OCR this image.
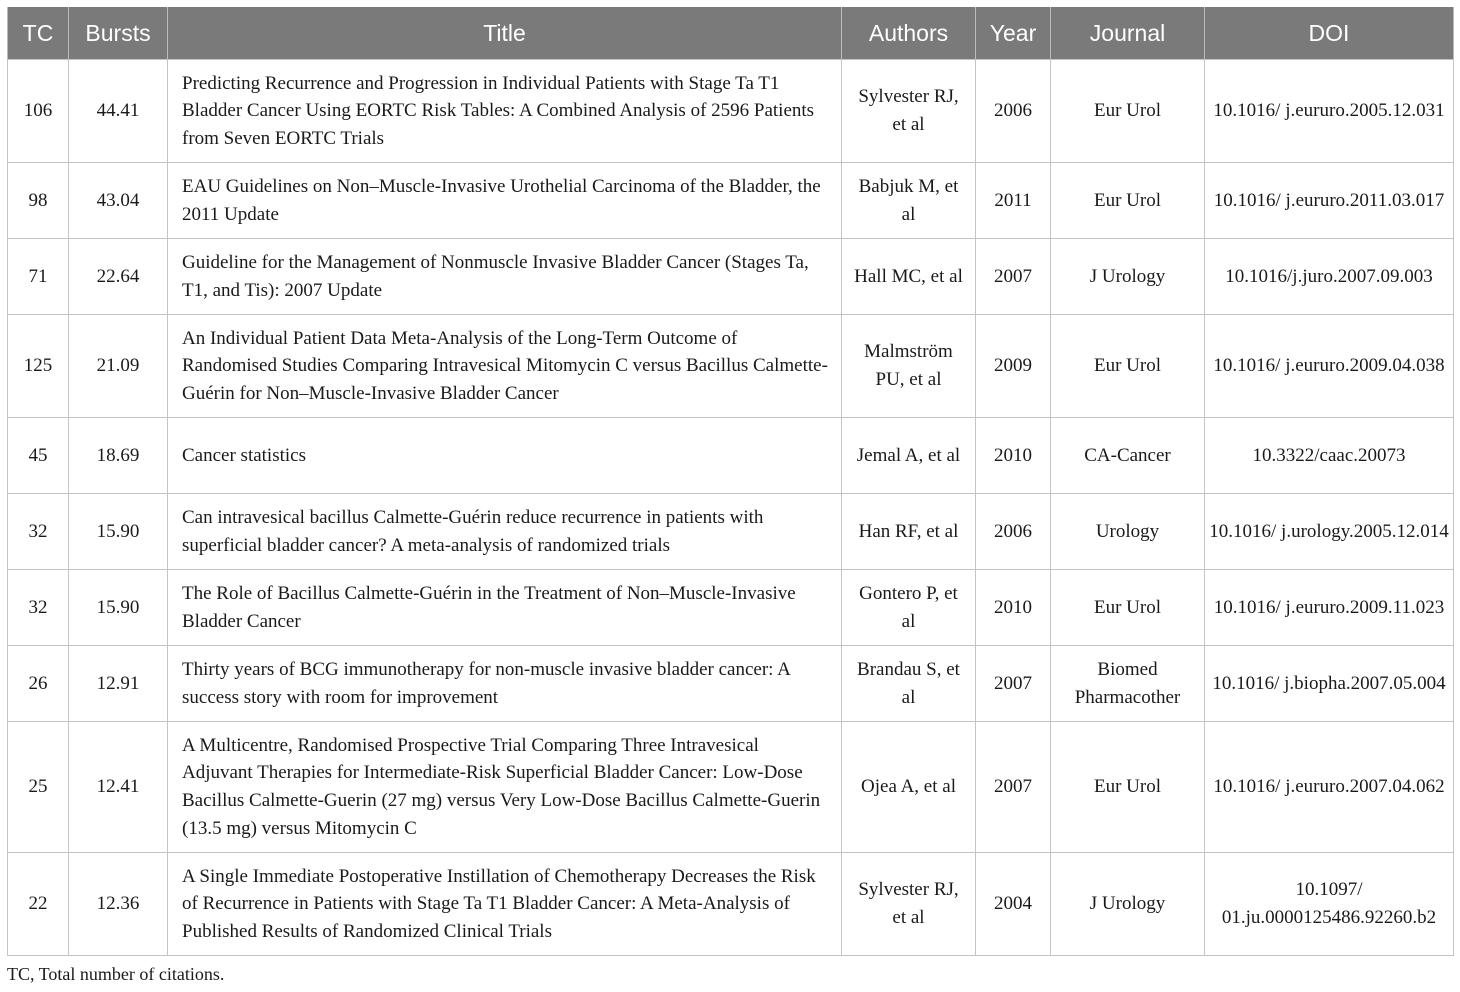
TC	Bursts	Title	Authors	Year	Journal	DOI
106	44.41	Predicting Recurrence and Progression in Individual Patients with Stage Ta T1 Bladder Cancer Using EORTC Risk Tables: A Combined Analysis of 2596 Patients from Seven EORTC Trials	Sylvester RJ, et al	2006	Eur Urol	10.1016/ j.eururo.2005.12.031
98	43.04	EAU Guidelines on Non–Muscle-Invasive Urothelial Carcinoma of the Bladder, the 2011 Update	Babjuk M, et al	2011	Eur Urol	10.1016/ j.eururo.2011.03.017
71	22.64	Guideline for the Management of Nonmuscle Invasive Bladder Cancer (Stages Ta, T1, and Tis): 2007 Update	Hall MC, et al	2007	J Urology	10.1016/j.juro.2007.09.003
125	21.09	An Individual Patient Data Meta-Analysis of the Long-Term Outcome of Randomised Studies Comparing Intravesical Mitomycin C versus Bacillus Calmette-Guérin for Non–Muscle-Invasive Bladder Cancer	Malmström PU, et al	2009	Eur Urol	10.1016/ j.eururo.2009.04.038
45	18.69	Cancer statistics	Jemal A, et al	2010	CA-Cancer	10.3322/caac.20073
32	15.90	Can intravesical bacillus Calmette-Guérin reduce recurrence in patients with superficial bladder cancer? A meta-analysis of randomized trials	Han RF, et al	2006	Urology	10.1016/ j.urology.2005.12.014
32	15.90	The Role of Bacillus Calmette-Guérin in the Treatment of Non–Muscle-Invasive Bladder Cancer	Gontero P, et al	2010	Eur Urol	10.1016/ j.eururo.2009.11.023
26	12.91	Thirty years of BCG immunotherapy for non-muscle invasive bladder cancer: A success story with room for improvement	Brandau S, et al	2007	Biomed Pharmacother	10.1016/ j.biopha.2007.05.004
25	12.41	A Multicentre, Randomised Prospective Trial Comparing Three Intravesical Adjuvant Therapies for Intermediate-Risk Superficial Bladder Cancer: Low-Dose Bacillus Calmette-Guerin (27 mg) versus Very Low-Dose Bacillus Calmette-Guerin (13.5 mg) versus Mitomycin C	Ojea A, et al	2007	Eur Urol	10.1016/ j.eururo.2007.04.062
22	12.36	A Single Immediate Postoperative Instillation of Chemotherapy Decreases the Risk of Recurrence in Patients with Stage Ta T1 Bladder Cancer: A Meta-Analysis of Published Results of Randomized Clinical Trials	Sylvester RJ, et al	2004	J Urology	10.1097/ 01.ju.0000125486.92260.b2
TC, Total number of citations.
